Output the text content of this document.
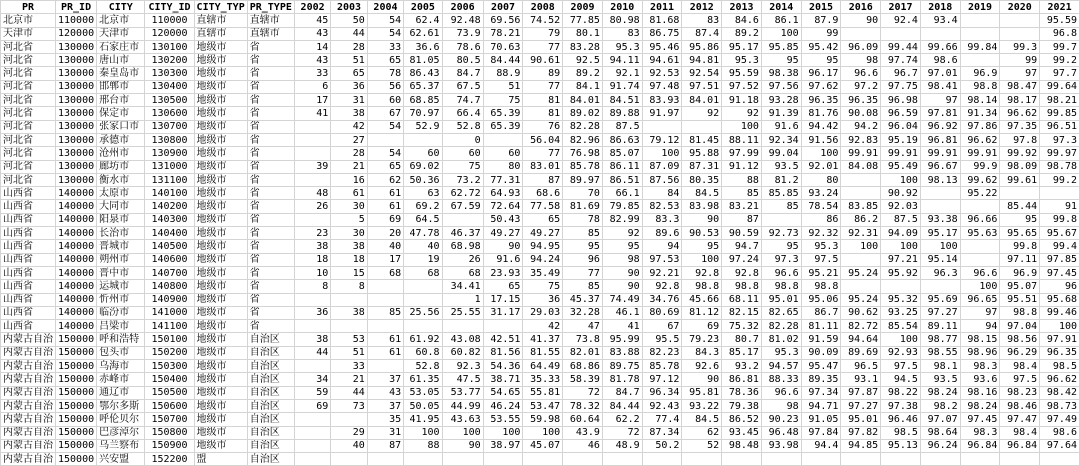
PR	PR_ID	CITY	CITY_ID	CITY_TYP	PR_TYPE	2002	2003	2004	2005	2006	2007	2008	2009	2010	2011	2012	2013	2014	2015	2016	2017	2018	2019	2020	2021
北京市	110000	北京市	110000	直辖市	直辖市	45	50	54	62.4	92.48	69.56	74.52	77.85	80.98	81.68	83	84.6	86.1	87.9	90	92.4	93.4			95.59
天津市	120000	天津市	120000	直辖市	直辖市	43	44	54	62.61	73.9	78.21	79	80.1	83	86.75	87.4	89.2	100	99						96.8
河北省	130000	石家庄市	130100	地级市	省	14	28	33	36.6	78.6	70.63	77	83.28	95.3	95.46	95.86	95.17	95.85	95.42	96.09	99.44	99.66	99.84	99.3	99.7
河北省	130000	唐山市	130200	地级市	省	43	51	65	81.05	80.5	84.44	90.61	92.5	94.11	94.61	94.81	95.3	95	95	98	97.74	98.6		99	99.2
河北省	130000	秦皇岛市	130300	地级市	省	33	65	78	86.43	84.7	88.9	89	89.2	92.1	92.53	92.54	95.59	98.38	96.17	96.6	96.7	97.01	96.9	97	97.7
河北省	130000	邯郸市	130400	地级市	省	6	36	56	65.37	67.5	51	77	84.1	91.74	97.48	97.51	97.52	97.56	97.62	97.2	97.75	98.41	98.8	98.47	99.64
河北省	130000	邢台市	130500	地级市	省	17	31	60	68.85	74.7	75	81	84.01	84.51	83.93	84.01	91.18	93.28	96.35	96.35	96.98	97	98.14	98.17	98.21
河北省	130000	保定市	130600	地级市	省	41	38	67	70.97	66.4	65.39	81	89.02	89.88	91.97	92	92	91.39	81.76	90.08	96.59	97.81	91.34	96.62	99.85
河北省	130000	张家口市	130700	地级市	省		42	54	52.9	52.8	65.39	76	82.28	87.5			100	91.6	94.42	94.2	96.04	96.92	97.86	97.35	96.51
河北省	130000	承德市	130800	地级市	省		27			0		56.04	82.96	86.63	79.12	81.45	88.11	92.34	91.56	92.83	95.19	96.81	96.62	97.8	97.3
河北省	130000	沧州市	130900	地级市	省		28	54	60	60	60	77	76.98	85.07	100	95.88	97.99	99.04	100	99.91	99.91	99.91	99.91	99.92	99.97
河北省	130000	廊坊市	131000	地级市	省	39	21	65	69.02	75	80	83.01	85.78	86.11	87.09	87.31	91.12	93.5	92.01	84.08	95.49	96.67	99.9	98.09	98.78
河北省	130000	衡水市	131100	地级市	省		16	62	50.36	73.2	77.31	87	89.97	86.51	87.56	80.35	88	81.2	80		100	98.13	99.62	99.61	99.2
山西省	140000	太原市	140100	地级市	省	48	61	61	63	62.72	64.93	68.6	70	66.1	84	84.5	85	85.85	93.24		90.92		95.22		
山西省	140000	大同市	140200	地级市	省	26	30	61	69.2	67.59	72.64	77.58	81.69	79.85	82.53	83.98	83.21	85	78.54	83.85	92.03			85.44	91
山西省	140000	阳泉市	140300	地级市	省		5	69	64.5		50.43	65	78	82.99	83.3	90	87		86	86.2	87.5	93.38	96.66	95	99.8
山西省	140000	长治市	140400	地级市	省	23	30	20	47.78	46.37	49.27	49.27	85	92	89.6	90.53	90.59	92.73	92.32	92.31	94.09	95.17	95.63	95.65	95.67
山西省	140000	晋城市	140500	地级市	省	38	38	40	40	68.98	90	94.95	95	95	94	95	94.7	95	95.3	100	100	100		99.8	99.4
山西省	140000	朔州市	140600	地级市	省	18	18	17	19	26	91.6	94.24	96	98	97.53	100	97.24	97.3	97.5		97.21	95.14		97.11	97.85
山西省	140000	晋中市	140700	地级市	省	10	15	68	68	68	23.93	35.49	77	90	92.21	92.8	92.8	96.6	95.21	95.24	95.92	96.3	96.6	96.9	97.45
山西省	140000	运城市	140800	地级市	省	8	8			34.41	65	75	85	90	92.8	98.8	98.8	98.8	98.8				100	95.07	96
山西省	140000	忻州市	140900	地级市	省					1	17.15	36	45.37	74.49	34.76	45.66	68.11	95.01	95.06	95.24	95.32	95.69	96.65	95.51	95.68
山西省	140000	临汾市	141000	地级市	省	36	38	85	25.56	25.55	31.17	29.03	32.28	46.1	80.69	81.12	82.15	82.65	86.7	90.62	93.25	97.27	97	98.8	99.46
山西省	140000	吕梁市	141100	地级市	省							42	47	41	67	69	75.32	82.28	81.11	82.72	85.54	89.11	94	97.04	100
内蒙古自治	150000	呼和浩特	150100	地级市	自治区	38	53	61	61.92	43.08	42.51	41.37	73.8	95.99	95.5	79.23	80.7	81.02	91.59	94.64	100	98.77	98.15	98.56	97.91
内蒙古自治	150000	包头市	150200	地级市	自治区	44	51	61	60.8	60.82	81.56	81.55	82.01	83.88	82.23	84.3	85.17	95.3	90.09	89.69	92.93	98.55	98.96	96.29	96.35
内蒙古自治	150000	乌海市	150300	地级市	自治区		33		52.8	92.3	54.36	64.49	68.86	89.75	85.78	92.6	93.2	94.57	95.47	96.5	97.5	98.1	98.3	98.4	98.5
内蒙古自治	150000	赤峰市	150400	地级市	自治区	34	21	37	61.35	47.5	38.71	35.33	58.39	81.78	97.12	90	86.81	88.33	89.35	93.1	94.5	93.5	93.6	97.5	96.62
内蒙古自治	150000	通辽市	150500	地级市	自治区	59	44	43	53.05	53.77	54.65	55.81	72	84.7	96.34	95.81	78.36	96.6	97.34	97.87	98.22	98.24	98.16	98.23	98.42
内蒙古自治	150000	鄂尔多斯	150600	地级市	自治区	69	73	37	50.05	44.99	46.24	53.47	78.32	84.44	92.43	93.22	79.38	98	94.71	97.27	97.38	98.2	98.24	98.46	98.73
内蒙古自治	150000	呼伦贝尔	150700	地级市	自治区			35	41.95	43.63	53.55	59.98	60.64	62.2	77.4	84.5	86.52	90.23	91.05	95.01	96.46	97.07	97.45	97.47	97.49
内蒙古自治	150000	巴彦淖尔	150800	地级市	自治区		29	31	100	100	100	100	43.9	72	87.34	62	93.45	96.48	97.84	97.82	98.5	98.64	98.3	98.4	98.6
内蒙古自治	150000	乌兰察布	150900	地级市	自治区		40	87	88	90	38.97	45.07	46	48.9	50.2	52	98.48	93.98	94.4	94.85	95.13	96.24	96.84	96.84	97.64
内蒙古自治	150000	兴安盟	152200	盟	自治区																				
